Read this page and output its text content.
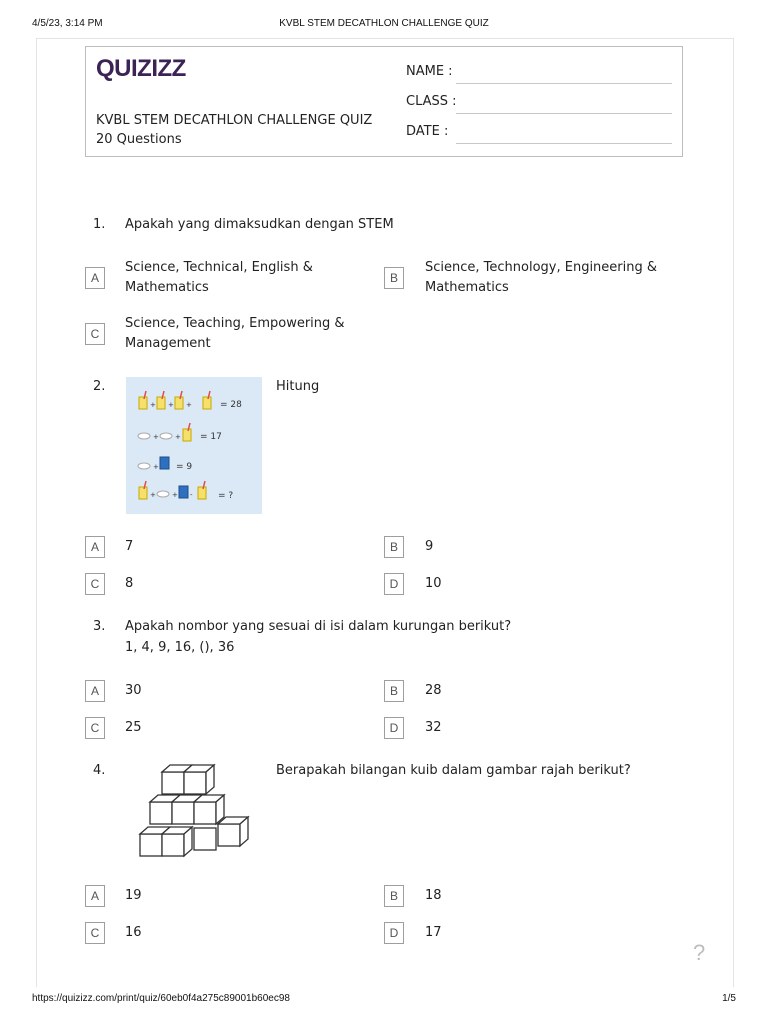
4/5/23, 3:14 PM	KVBL STEM DECATHLON CHALLENGE QUIZ
QUIZIZZ
KVBL STEM DECATHLON CHALLENGE QUIZ
20 Questions
NAME :
CLASS :
DATE :
1. Apakah yang dimaksudkan dengan STEM
A
Science, Technical, English & Mathematics
B
Science, Technology, Engineering & Mathematics
C
Science, Teaching, Empowering & Management
2.
+ + +	= 28
+ + = 17
+ = 9
+ + -	= ?
Hitung
A	7	B	9
C	8	D	10
3. Apakah nombor yang sesuai di isi dalam kurungan berikut?
1, 4, 9, 16, (), 36
A	30	B	28
C	25	D	32
4.	Berapakah bilangan kuib dalam gambar rajah berikut?
A	19	B	18
C	16	D	17
?
https://quizizz.com/print/quiz/60eb0f4a275c89001b60ec98	1/5
